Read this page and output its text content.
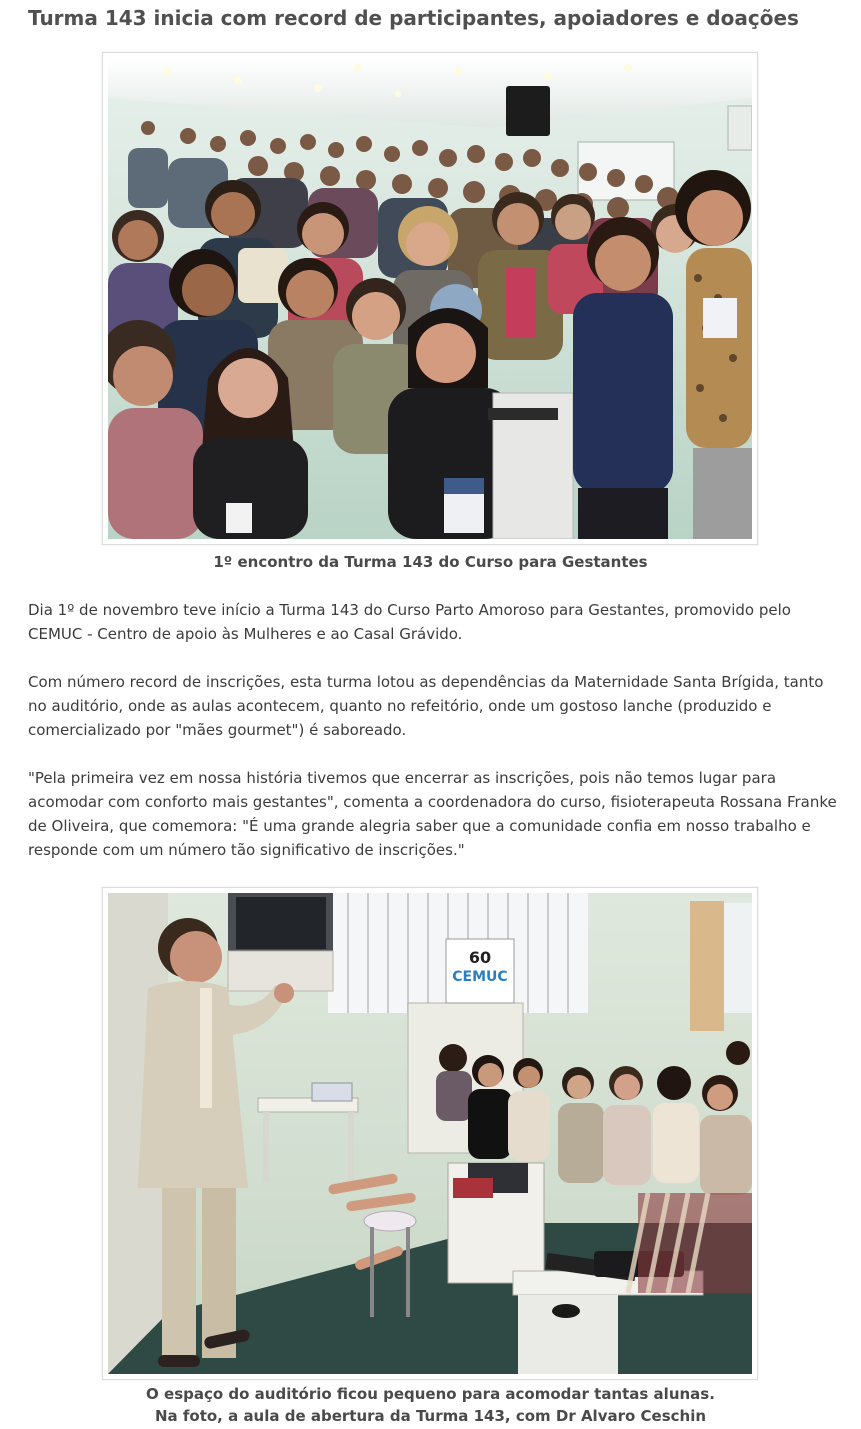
Turma 143 inicia com record de participantes, apoiadores e doações

1º encontro da Turma 143 do Curso para Gestantes

Dia 1º de novembro teve início a Turma 143 do Curso Parto Amoroso para Gestantes, promovido pelo CEMUC - Centro de apoio às Mulheres e ao Casal Grávido.

Com número record de inscrições, esta turma lotou as dependências da Maternidade Santa Brígida, tanto no auditório, onde as aulas acontecem, quanto no refeitório, onde um gostoso lanche (produzido e comercializado por "mães gourmet") é saboreado.

"Pela primeira vez em nossa história tivemos que encerrar as inscrições, pois não temos lugar para acomodar com conforto mais gestantes", comenta a coordenadora do curso, fisioterapeuta Rossana Franke de Oliveira, que comemora: "É uma grande alegria saber que a comunidade confia em nosso trabalho e responde com um número tão significativo de inscrições."

60
CEMUC

O espaço do auditório ficou pequeno para acomodar tantas alunas.
Na foto, a aula de abertura da Turma 143, com Dr Alvaro Ceschin
